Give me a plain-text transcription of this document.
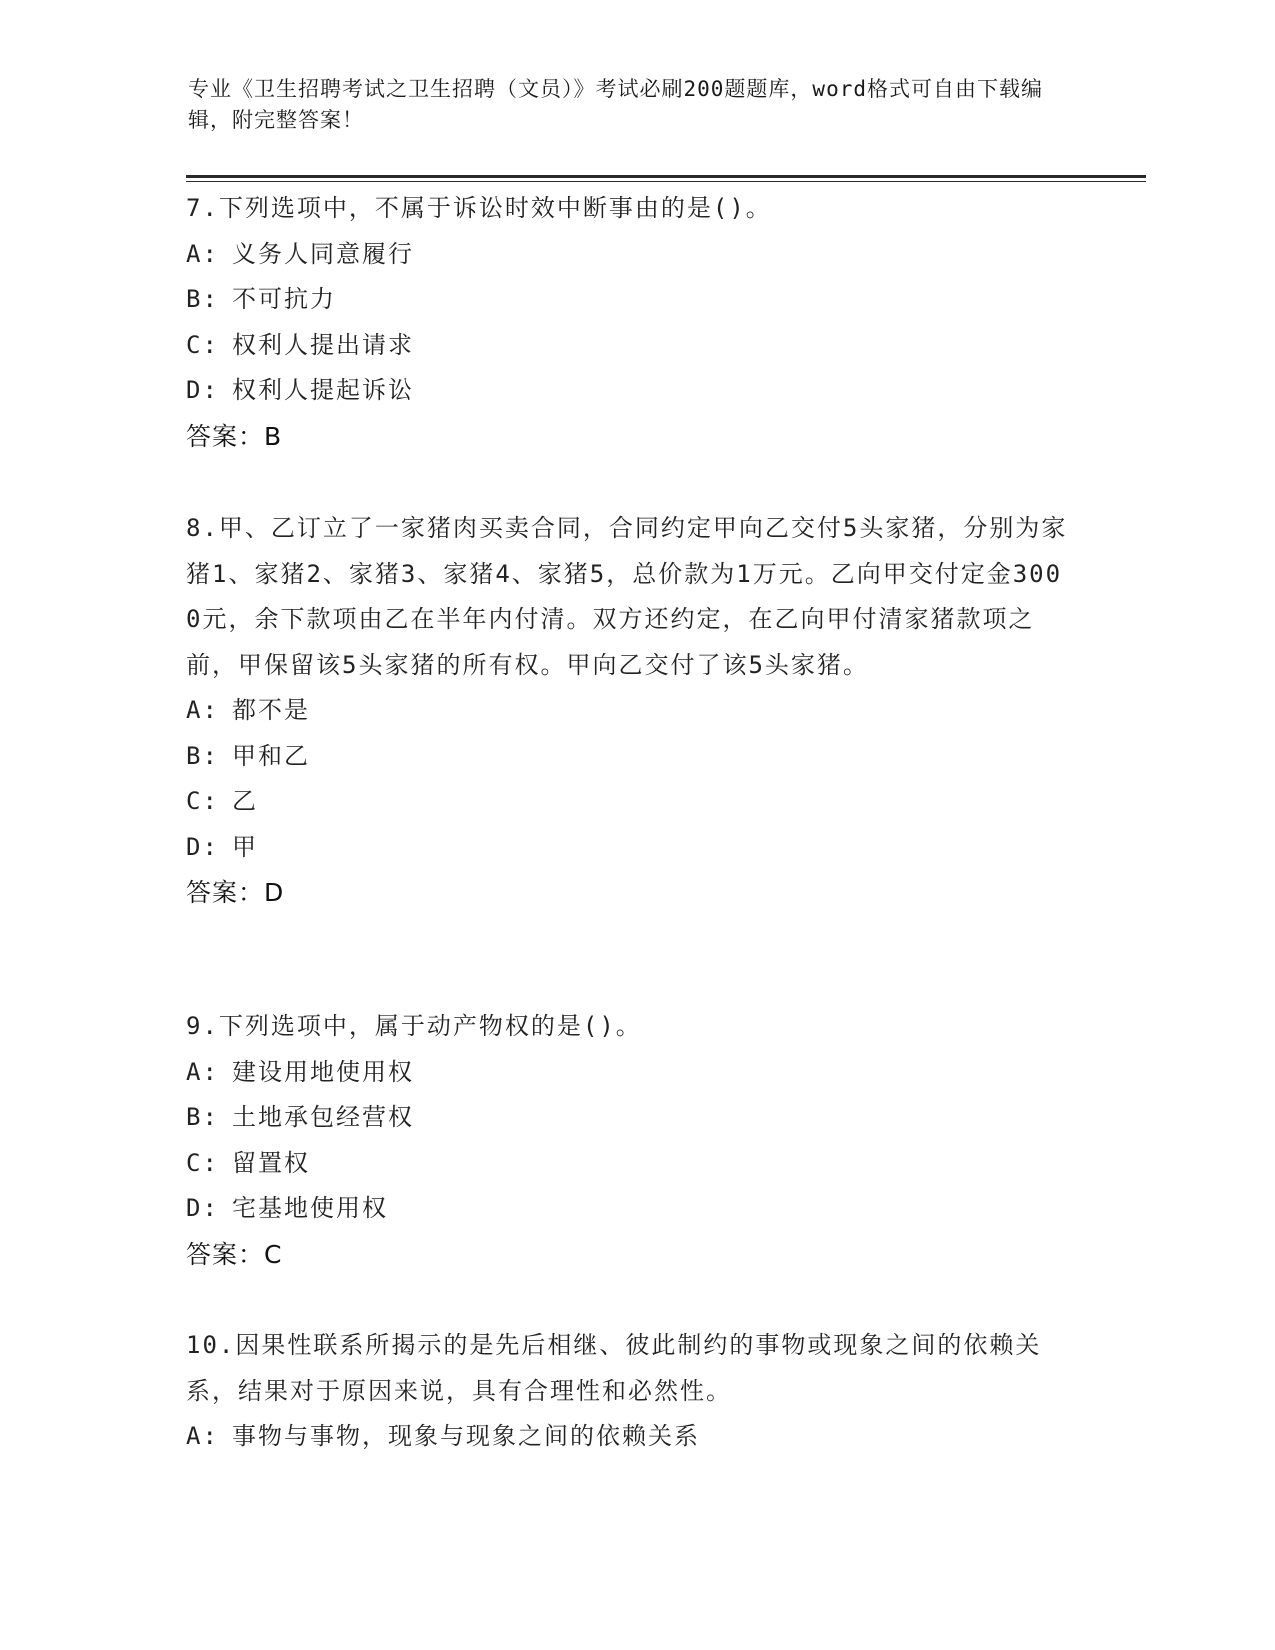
专业《卫生招聘考试之卫生招聘（文员）》考试必刷200题题库，word格式可自由下载编辑，附完整答案！
7.下列选项中，不属于诉讼时效中断事由的是()。
A: 义务人同意履行
B: 不可抗力
C: 权利人提出请求
D: 权利人提起诉讼
答案：B
8.甲、乙订立了一家猪肉买卖合同，合同约定甲向乙交付5头家猪，分别为家猪1、家猪2、家猪3、家猪4、家猪5，总价款为1万元。乙向甲交付定金3000元，余下款项由乙在半年内付清。双方还约定，在乙向甲付清家猪款项之前，甲保留该5头家猪的所有权。甲向乙交付了该5头家猪。
A: 都不是
B: 甲和乙
C: 乙
D: 甲
答案：D
9.下列选项中，属于动产物权的是()。
A: 建设用地使用权
B: 土地承包经营权
C: 留置权
D: 宅基地使用权
答案：C
10.因果性联系所揭示的是先后相继、彼此制约的事物或现象之间的依赖关系，结果对于原因来说，具有合理性和必然性。
A: 事物与事物，现象与现象之间的依赖关系
